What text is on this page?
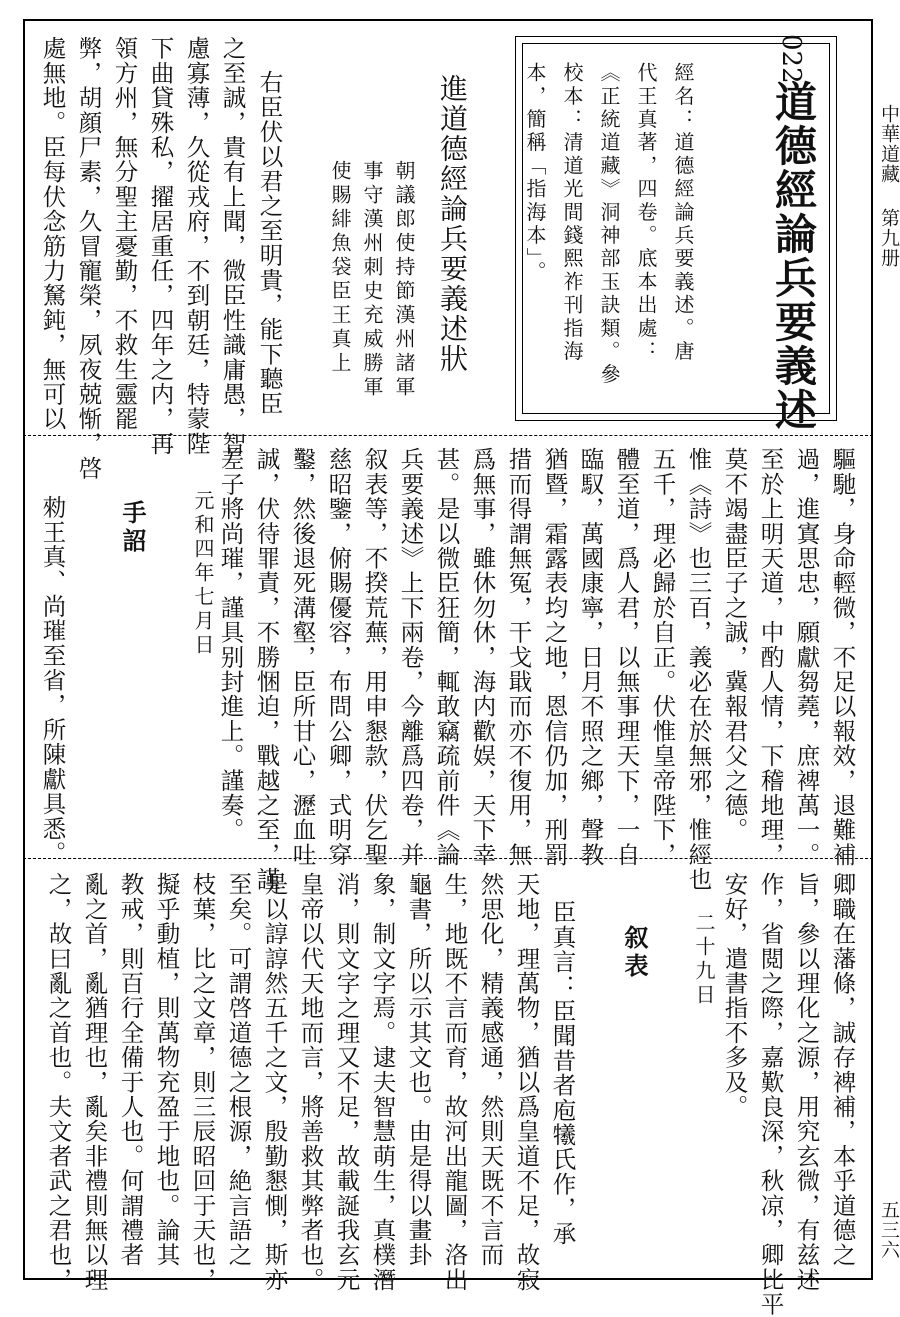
中華道藏
第九册
五三六
022
道德經論兵要義述
經名：道德經論兵要義述。唐
代王真著，四卷。底本出處：
《正統道藏》洞神部玉訣類。參
校本：清道光間錢熙祚刊指海
本，簡稱「指海本」。
進道德經論兵要義述狀
朝議郎使持節漢州諸軍
事守漢州刺史充威勝軍
使賜緋魚袋臣王真上
右臣伏以君之至明貴，能下聽臣
之至誠，貴有上聞，微臣性識庸愚，智
慮寡薄，久從戎府，不到朝廷，特蒙陛
下曲貸殊私，擢居重任，四年之内，再
領方州，無分聖主憂勤，不救生靈罷
弊，胡顔尸素，久冒寵榮，夙夜兢惭，啓
處無地。臣每伏念筋力駑鈍，無可以
驅馳，身命輕微，不足以報效，退難補
過，進寘思忠，願獻芻蕘，庶裨萬一。
至於上明天道，中酌人情，下稽地理，
莫不竭盡臣子之誠，冀報君父之德。
惟《詩》也三百，義必在於無邪，惟經也
五千，理必歸於自正。伏惟皇帝陛下，
體至道，爲人君，以無事理天下，一自
臨馭，萬國康寧，日月不照之鄉，聲教
猶暨，霜露表均之地，恩信仍加，刑罰
措而得謂無冤，干戈戢而亦不復用，無
爲無事，雖休勿休，海内歡娱，天下幸
甚。是以微臣狂簡，輒敢竊疏前件《論
兵要義述》上下兩卷，今離爲四卷，并
叙表等，不揆荒蕪，用申懇款，伏乞聖
慈昭鑒，俯賜優容，布問公卿，式明穿
鑿，然後退死溝壑，臣所甘心，瀝血吐
誠，伏待罪責，不勝悃迫，戰越之至，謹
差子將尚璀，謹具别封進上。謹奏。
元和四年七月日
手詔
勑王真、尚璀至省，所陳獻具悉。
卿職在藩條，誠存裨補，本乎道德之
旨，參以理化之源，用究玄微，有兹述
作，省閲之際，嘉歎良深，秋凉，卿比平
安好，遣書指不多及。
二十九日
叙表
臣真言：臣聞昔者庖犧氏作，承
天地，理萬物，猶以爲皇道不足，故寂
然思化，精義感通，然則天既不言而
生，地既不言而育，故河出龍圖，洛出
龜書，所以示其文也。由是得以畫卦
象，制文字焉。逮夫智慧萌生，真樸潛
消，則文字之理又不足，故載誕我玄元
皇帝以代天地而言，將善救其弊者也。
是以諄諄然五千之文，殷勤懇惻，斯亦
至矣。可謂啓道德之根源，絶言語之
枝葉，比之文章，則三辰昭回于天也，
擬乎動植，則萬物充盈于地也。論其
教戒，則百行全備于人也。何謂禮者
亂之首，亂猶理也，亂矣非禮則無以理
之，故曰亂之首也。夫文者武之君也，
